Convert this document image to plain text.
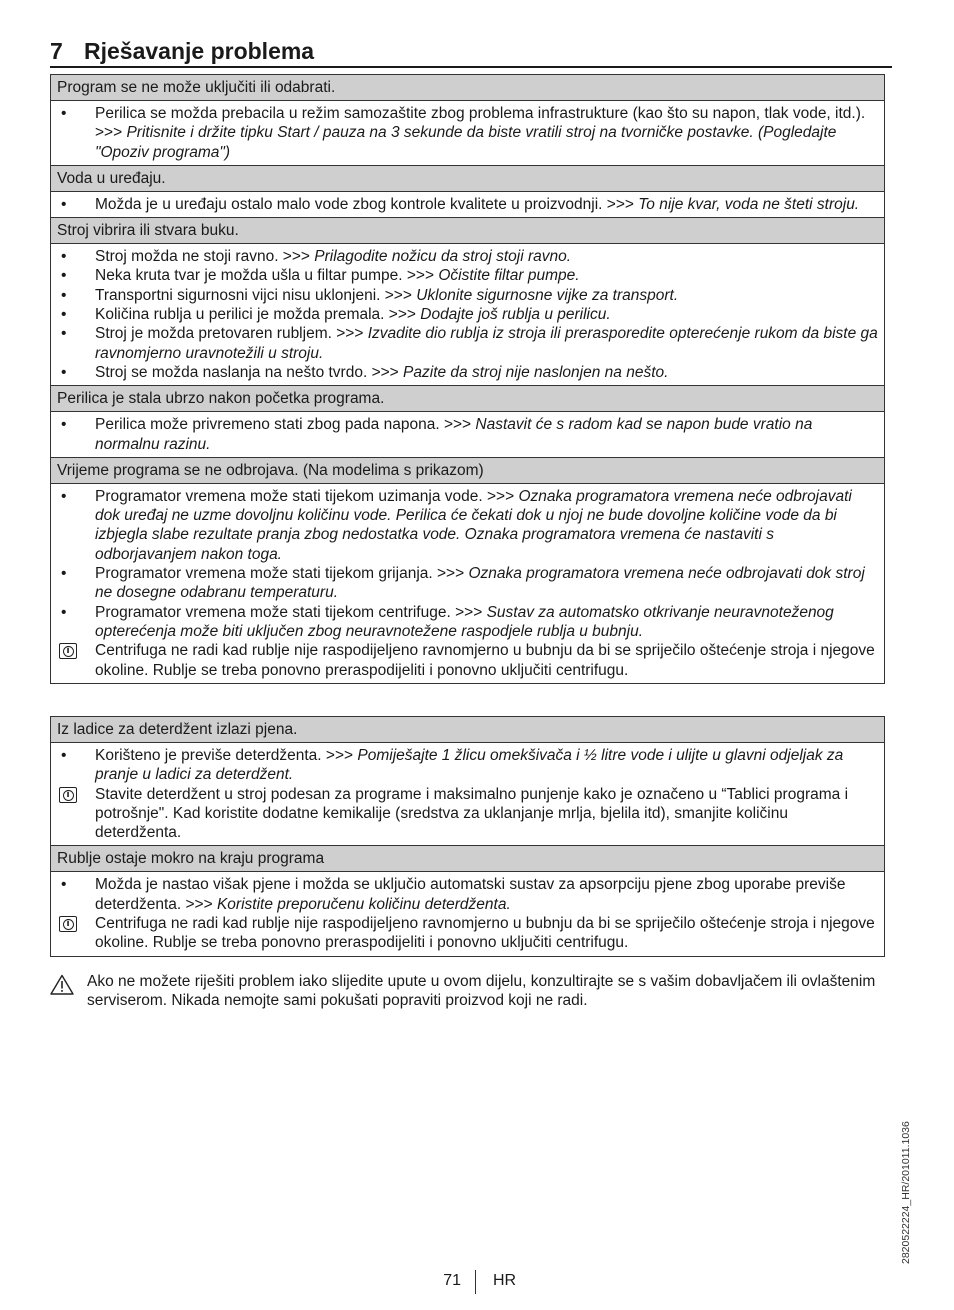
7 Rješavanje problema
Program se ne može uključiti ili odabrati.
•	Perilica se možda prebacila u režim samozaštite zbog problema infrastrukture (kao što su napon, tlak vode, itd.). >>> Pritisnite i držite tipku Start / pauza na 3 sekunde da biste vratili stroj na tvorničke postavke. (Pogledajte "Opoziv programa")
Voda u uređaju.
•	Možda je u uređaju ostalo malo vode zbog kontrole kvalitete u proizvodnji. >>> To nije kvar, voda ne šteti stroju.
Stroj vibrira ili stvara buku.
•	Stroj možda ne stoji ravno. >>> Prilagodite nožicu da stroj stoji ravno.
•	Neka kruta tvar je možda ušla u filtar pumpe. >>> Očistite filtar pumpe.
•	Transportni sigurnosni vijci nisu uklonjeni. >>> Uklonite sigurnosne vijke za transport.
•	Količina rublja u perilici je možda premala. >>> Dodajte još rublja u perilicu.
•	Stroj je možda pretovaren rubljem. >>> Izvadite dio rublja iz stroja ili prerasporedite opterećenje rukom da biste ga ravnomjerno uravnotežili u stroju.
•	Stroj se možda naslanja na nešto tvrdo. >>> Pazite da stroj nije naslonjen na nešto.
Perilica je stala ubrzo nakon početka programa.
•	Perilica može privremeno stati zbog pada napona. >>> Nastavit će s radom kad se napon bude vratio na normalnu razinu.
Vrijeme programa se ne odbrojava. (Na modelima s prikazom)
•	Programator vremena može stati tijekom uzimanja vode. >>> Oznaka programatora vremena neće odbrojavati dok uređaj ne uzme dovoljnu količinu vode. Perilica će čekati dok u njoj ne bude dovoljne količine vode da bi izbjegla slabe rezultate pranja zbog nedostatka vode. Oznaka programatora vremena će nastaviti s odborjavanjem nakon toga.
•	Programator vremena može stati tijekom grijanja. >>> Oznaka programatora vremena neće odbrojavati dok stroj ne dosegne odabranu temperaturu.
•	Programator vremena može stati tijekom centrifuge. >>> Sustav za automatsko otkrivanje neuravnoteženog opterećenja može biti uključen zbog neuravnotežene raspodjele rublja u bubnju.
i
Centrifuga ne radi kad rublje nije raspodijeljeno ravnomjerno u bubnju da bi se spriječilo oštećenje stroja i njegove okoline. Rublje se treba ponovno preraspodijeliti i ponovno uključiti centrifugu.
Iz ladice za deterdžent izlazi pjena.
•	Korišteno je previše deterdženta. >>> Pomiješajte 1 žlicu omekšivača i ½ litre vode i ulijte u glavni odjeljak za pranje u ladici za deterdžent.
i
Stavite deterdžent u stroj podesan za programe i maksimalno punjenje kako je označeno u “Tablici programa i potrošnje". Kad koristite dodatne kemikalije (sredstva za uklanjanje mrlja, bjelila itd), smanjite količinu deterdženta.
Rublje ostaje mokro na kraju programa
•	Možda je nastao višak pjene i možda se uključio automatski sustav za apsorpciju pjene zbog uporabe previše deterdženta. >>> Koristite preporučenu količinu deterdženta.
i
Centrifuga ne radi kad rublje nije raspodijeljeno ravnomjerno u bubnju da bi se spriječilo oštećenje stroja i njegove okoline. Rublje se treba ponovno preraspodijeliti i ponovno uključiti centrifugu.
Ako ne možete riješiti problem iako slijedite upute u ovom dijelu, konzultirajte se s vašim dobavljačem ili ovlaštenim serviserom. Nikada nemojte sami pokušati popraviti proizvod koji ne radi.
2820522224_HR/201011.1036
71 HR
